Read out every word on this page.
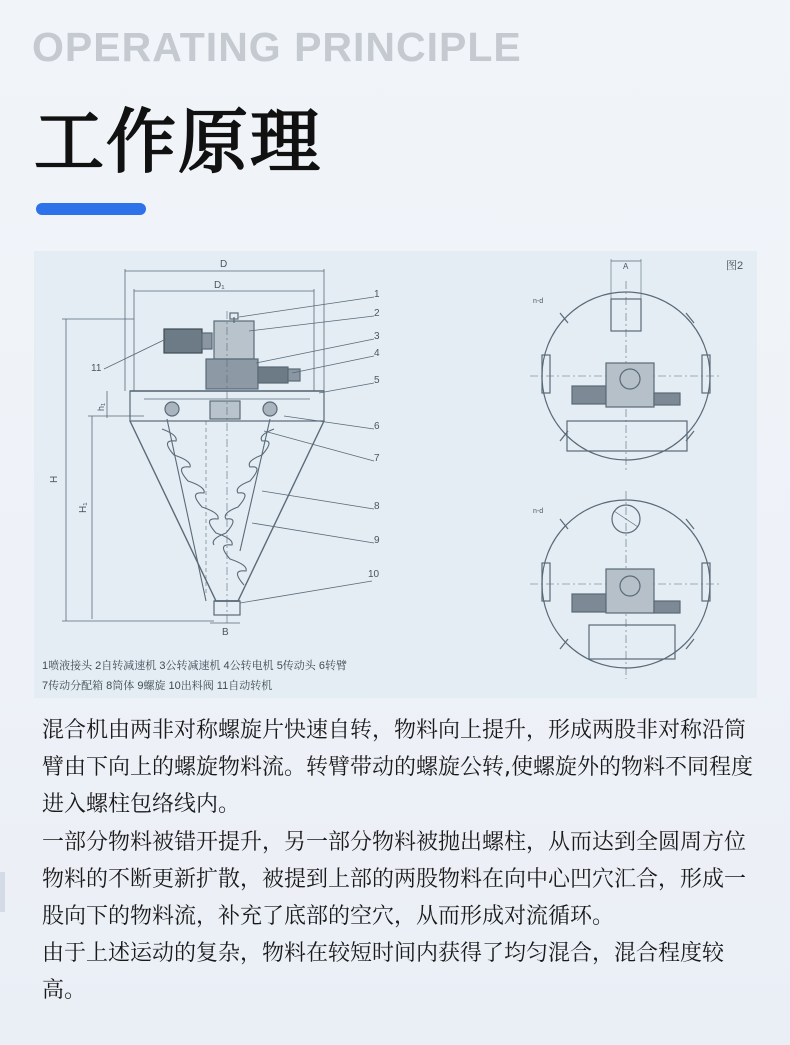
OPERATING PRINCIPLE
工作原理
D
D₁
H
H₁
h₁
B
1
2
3
4
5
6
7
8
9
10
11
1喷液接头 2自转减速机 3公转减速机 4公转电机 5传动头 6转臂
7传动分配箱 8筒体 9螺旋 10出料阀 11自动转机
图2
A
n-d
n-d

混合机由两非对称螺旋片快速自转，物料向上提升，形成两股非对称沿筒臂由下向上的螺旋物料流。转臂带动的螺旋公转,使螺旋外的物料不同程度进入螺柱包络线内。

一部分物料被错开提升，另一部分物料被抛出螺柱，从而达到全圆周方位物料的不断更新扩散，被提到上部的两股物料在向中心凹穴汇合，形成一股向下的物料流，补充了底部的空穴，从而形成对流循环。

由于上述运动的复杂，物料在较短时间内获得了均匀混合，混合程度较高。
